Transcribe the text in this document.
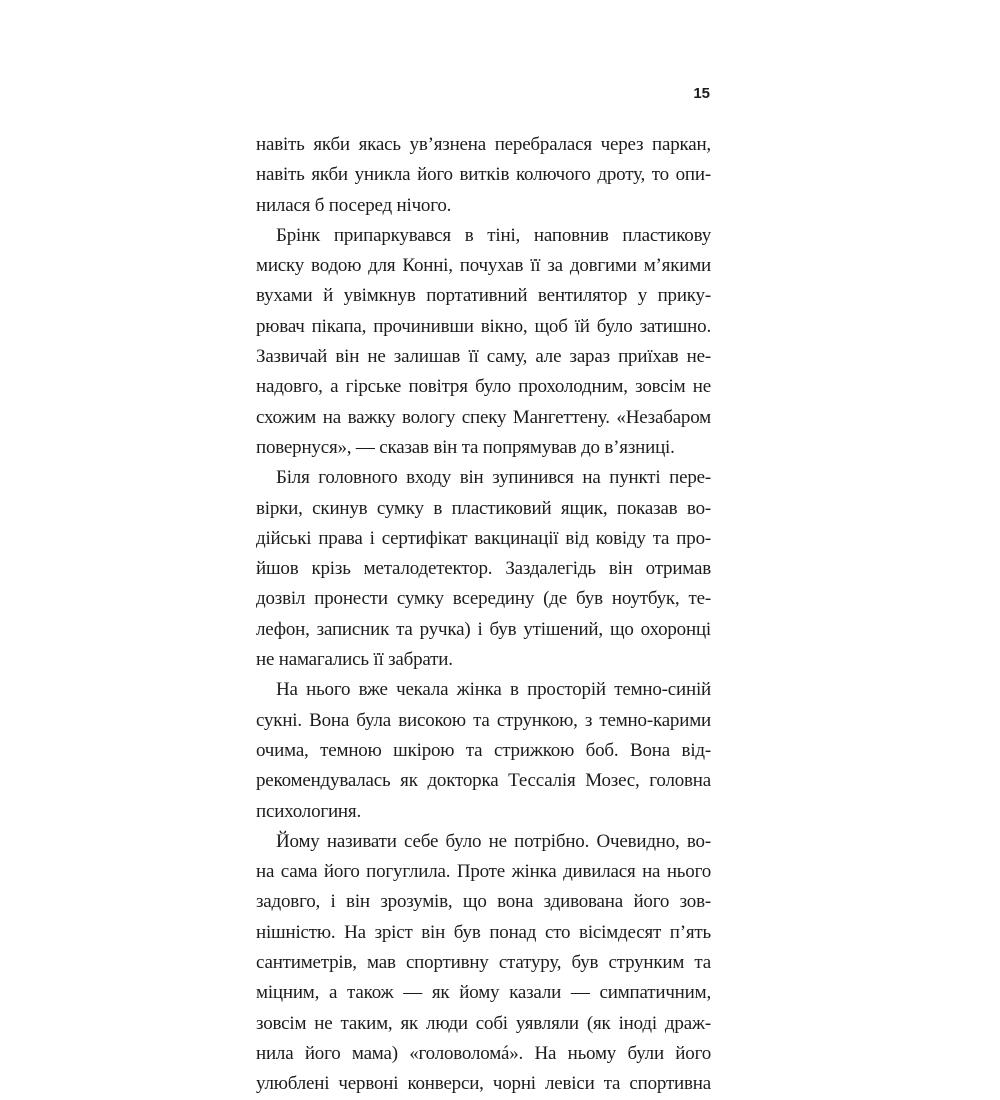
15
навіть якби якась ув’язнена перебралася через паркан,
навіть якби уникла його витків колючого дроту, то опи-
нилася б посеред нічого.
Брінк припаркувався в тіні, наповнив пластикову
миску водою для Конні, почухав її за довгими м’якими
вухами й увімкнув портативний вентилятор у прику-
рювач пікапа, прочинивши вікно, щоб їй було затишно.
Зазвичай він не залишав її саму, але зараз приїхав не-
надовго, а гірське повітря було прохолодним, зовсім не
схожим на важку вологу спеку Мангеттену. «Незабаром
повернуся», — сказав він та попрямував до в’язниці.
Біля головного входу він зупинився на пункті пере-
вірки, скинув сумку в пластиковий ящик, показав во-
дійські права і сертифікат вакцинації від ковіду та про-
йшов крізь металодетектор. Заздалегідь він отримав
дозвіл пронести сумку всередину (де був ноутбук, те-
лефон, записник та ручка) і був утішений, що охоронці
не намагались її забрати.
На нього вже чекала жінка в просторій темно-синій
сукні. Вона була високою та стрункою, з темно-карими
очима, темною шкірою та стрижкою боб. Вона від-
рекомендувалась як докторка Тессалія Мозес, головна
психологиня.
Йому називати себе було не потрібно. Очевидно, во-
на сама його погуглила. Проте жінка дивилася на нього
задовго, і він зрозумів, що вона здивована його зов-
нішністю. На зріст він був понад сто вісімдесят п’ять
сантиметрів, мав спортивну статуру, був струнким та
міцним, а також — як йому казали — симпатичним,
зовсім не таким, як люди собі уявляли (як іноді драж-
нила його мама) «головоломá». На ньому були його
улюблені червоні конверси, чорні левіси та спортивна
